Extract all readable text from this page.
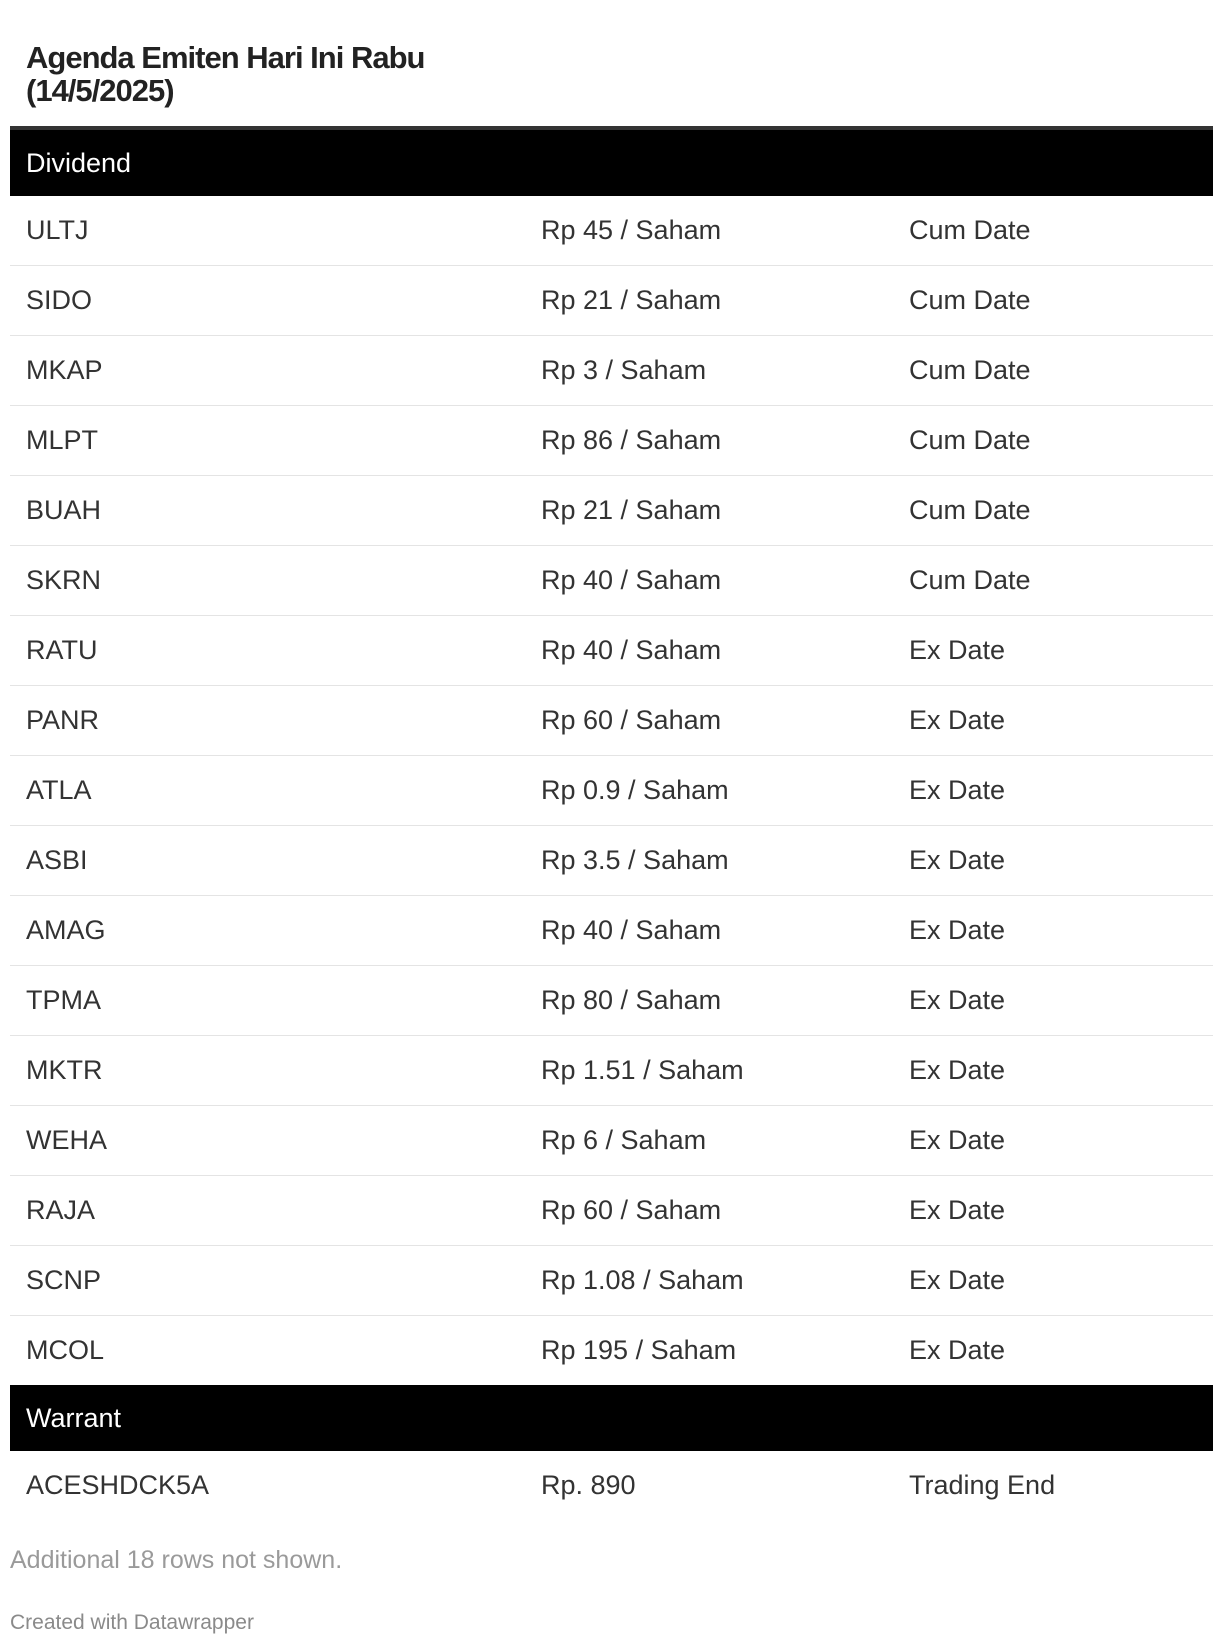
Agenda Emiten Hari Ini Rabu (14/5/2025)
Dividend
ULTJ	Rp 45 / Saham	Cum Date
SIDO	Rp 21 / Saham	Cum Date
MKAP	Rp 3 / Saham	Cum Date
MLPT	Rp 86 / Saham	Cum Date
BUAH	Rp 21 / Saham	Cum Date
SKRN	Rp 40 / Saham	Cum Date
RATU	Rp 40 / Saham	Ex Date
PANR	Rp 60 / Saham	Ex Date
ATLA	Rp 0.9 / Saham	Ex Date
ASBI	Rp 3.5 / Saham	Ex Date
AMAG	Rp 40 / Saham	Ex Date
TPMA	Rp 80 / Saham	Ex Date
MKTR	Rp 1.51 / Saham	Ex Date
WEHA	Rp 6 / Saham	Ex Date
RAJA	Rp 60 / Saham	Ex Date
SCNP	Rp 1.08 / Saham	Ex Date
MCOL	Rp 195 / Saham	Ex Date
Warrant
ACESHDCK5A	Rp. 890	Trading End
Additional 18 rows not shown.
Created with Datawrapper
